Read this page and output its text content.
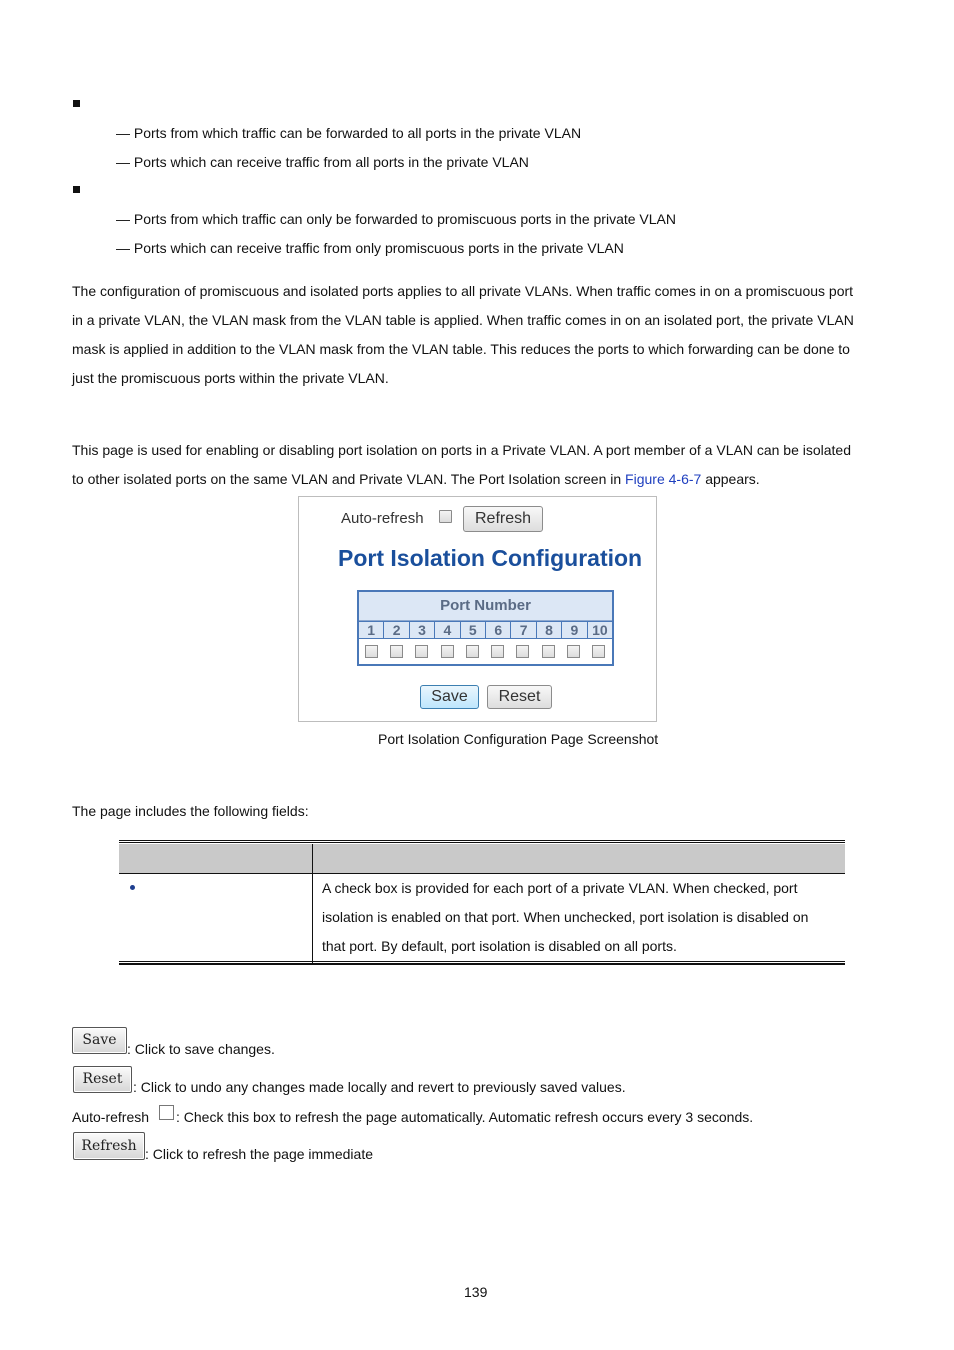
— Ports from which traffic can be forwarded to all ports in the private VLAN
— Ports which can receive traffic from all ports in the private VLAN
— Ports from which traffic can only be forwarded to promiscuous ports in the private VLAN
— Ports which can receive traffic from only promiscuous ports in the private VLAN
The configuration of promiscuous and isolated ports applies to all private VLANs. When traffic comes in on a promiscuous port
in a private VLAN, the VLAN mask from the VLAN table is applied. When traffic comes in on an isolated port, the private VLAN
mask is applied in addition to the VLAN mask from the VLAN table. This reduces the ports to which forwarding can be done to
just the promiscuous ports within the private VLAN.
This page is used for enabling or disabling port isolation on ports in a Private VLAN. A port member of a VLAN can be isolated
to other isolated ports on the same VLAN and Private VLAN. The Port Isolation screen in Figure 4-6-7 appears.
Auto-refresh	Refresh
Port Isolation Configuration
Port Number
1	2	3	4	5	6	7	8	9 10
Save	Reset
Port Isolation Configuration Page Screenshot
The page includes the following fields:
A check box is provided for each port of a private VLAN. When checked, port
isolation is enabled on that port. When unchecked, port isolation is disabled on
that port. By default, port isolation is disabled on all ports.
Save
: Click to save changes.
Reset : Click to undo any changes made locally and revert to previously saved values.
Auto-refresh : Check this box to refresh the page automatically. Automatic refresh occurs every 3 seconds.
Refresh : Click to refresh the page immediate
139
